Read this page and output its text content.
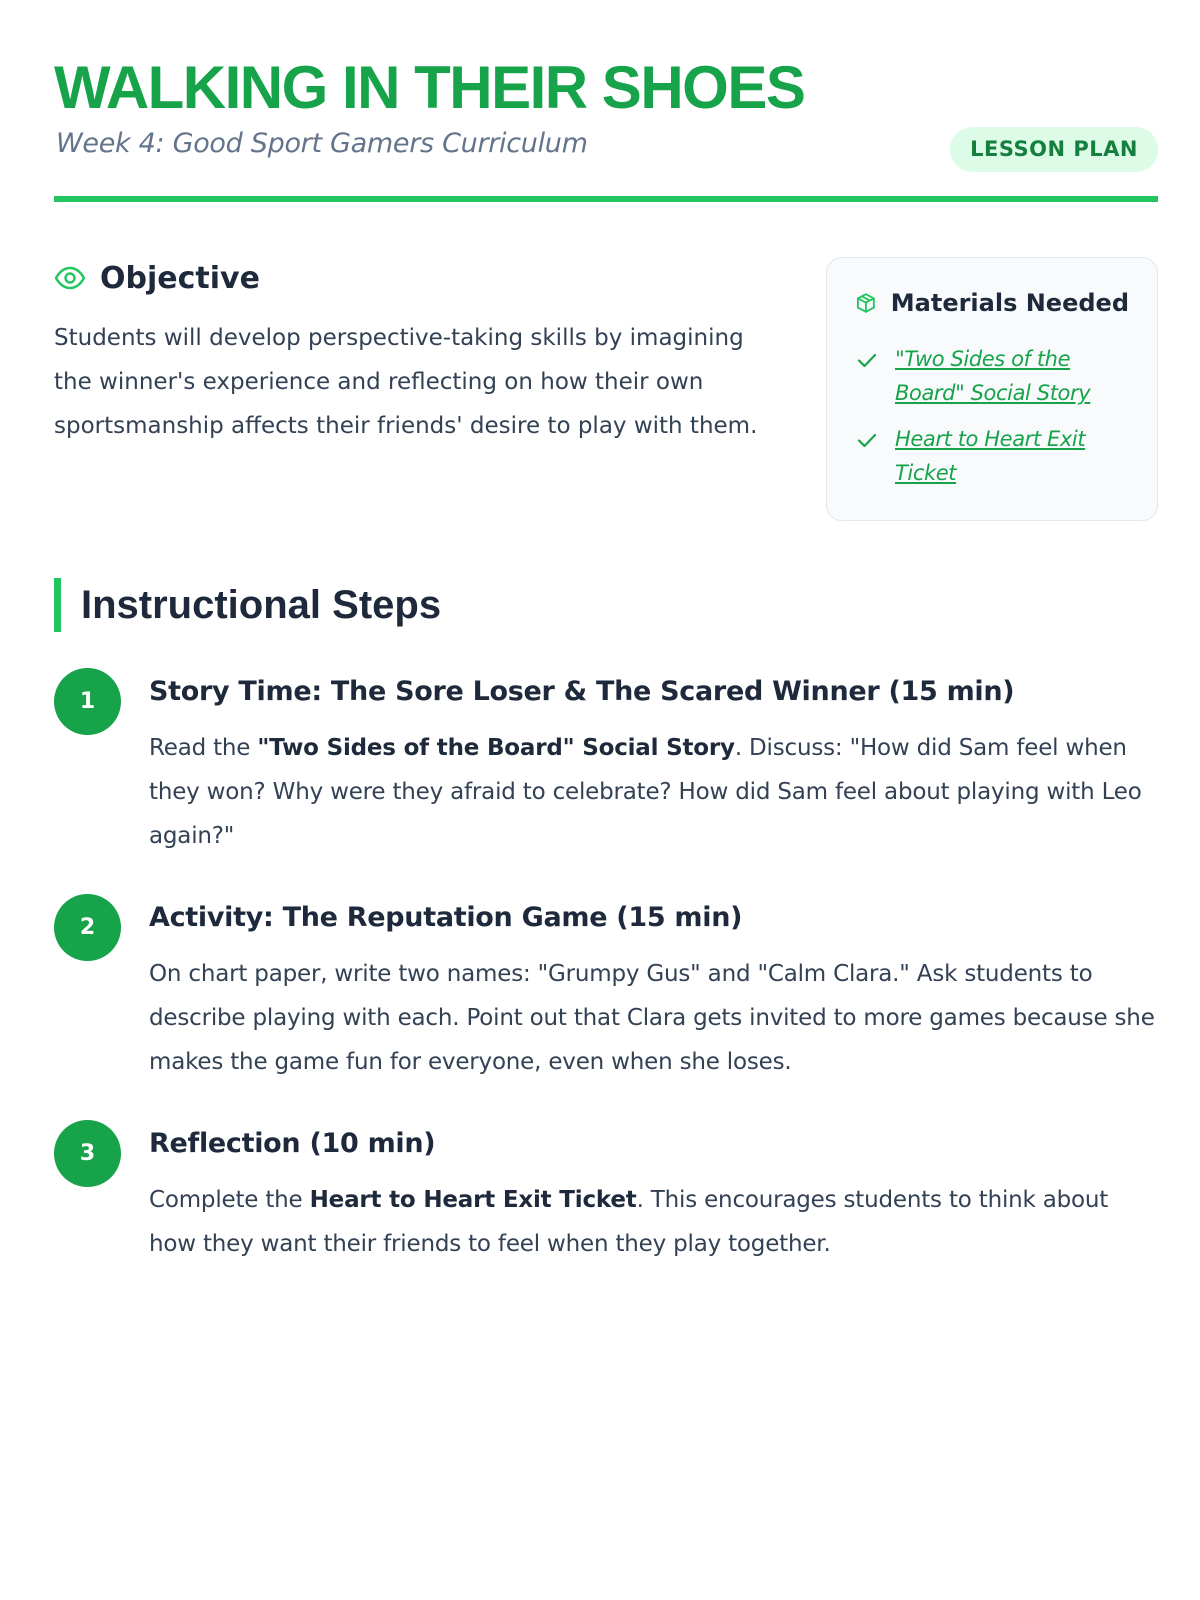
WALKING IN THEIR SHOES
Week 4: Good Sport Gamers Curriculum	LESSON PLAN
Objective

Students will develop perspective-taking skills by imagining the winner's experience and reflecting on how their own sportsmanship affects their friends' desire to play with them.

Materials Needed
"Two Sides of the Board" Social Story
Heart to Heart Exit Ticket
Instructional Steps
1	Story Time: The Sore Loser & The Scared Winner (15 min)

Read the "Two Sides of the Board" Social Story. Discuss: "How did Sam feel when they won? Why were they afraid to celebrate? How did Sam feel about playing with Leo again?"

2	Activity: The Reputation Game (15 min)

On chart paper, write two names: "Grumpy Gus" and "Calm Clara." Ask students to describe playing with each. Point out that Clara gets invited to more games because she makes the game fun for everyone, even when she loses.

3	Reflection (10 min)

Complete the Heart to Heart Exit Ticket. This encourages students to think about how they want their friends to feel when they play together.
